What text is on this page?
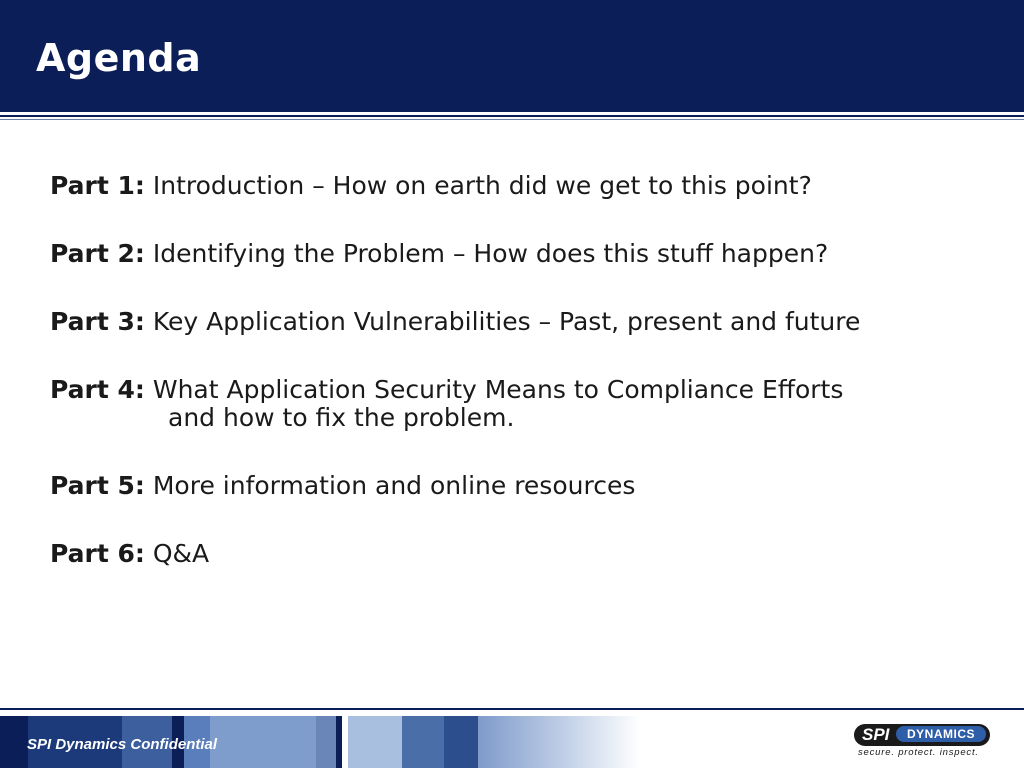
Agenda
Part 1: Introduction – How on earth did we get to this point?
Part 2: Identifying the Problem – How does this stuff happen?
Part 3: Key Application Vulnerabilities – Past, present and future
Part 4: What Application Security Means to Compliance Efforts and how to fix the problem.
Part 5: More information and online resources
Part 6: Q&A
SPI Dynamics Confidential
SPI	DYNAMICS
secure. protect. inspect.
